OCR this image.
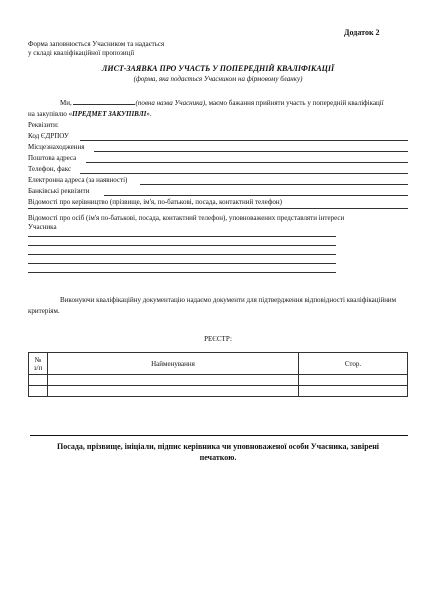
Додаток 2
Форма заповнюється Учасником та надається
у складі кваліфікаційної пропозиції
ЛИСТ-ЗАЯВКА ПРО УЧАСТЬ У ПОПЕРЕДНІЙ КВАЛІФІКАЦІЇ
(форма, яка подається Учасником на фірмовому бланку)
Ми,	(повна назва Учасника), маємо бажання прийняти участь у попередній кваліфікації
на закупівлю «ПРЕДМЕТ ЗАКУПІВЛІ».
Реквізити:
Код ЄДРПОУ
Місцезнаходження
Поштова адреса
Телефон, факс
Електронна адреса (за наявності)
Банківські реквізити
Відомості про керівництво (прізвище, ім'я, по-батькові, посада, контактний телефон)
Відомості про осіб (ім'я по-батькові, посада, контактний телефон), уповноважених представляти інтереси
Учасника
Виконуючи кваліфікаційну документацію надаємо документи для підтвердження відповідності кваліфікаційним
критеріям.
РЕЄСТР:
№
з/п	Найменування	Стор.

Посада, прізвище, ініціали, підпис керівника чи уповноваженої особи Учасника, завірені
печаткою.
